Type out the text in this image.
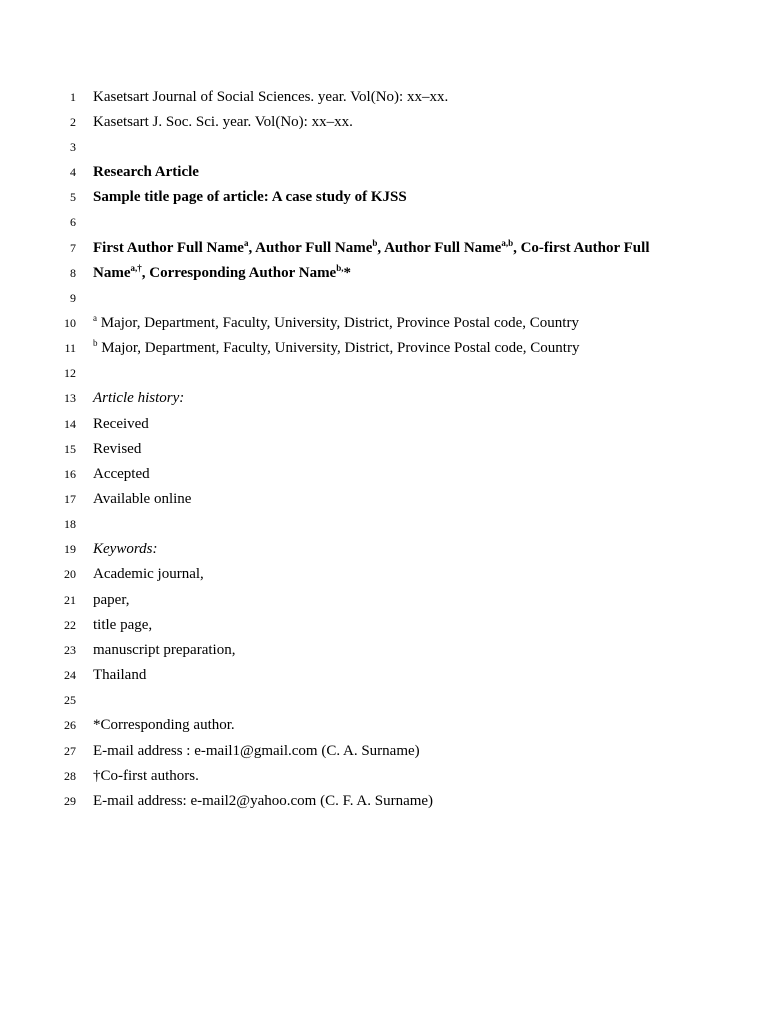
1 Kasetsart Journal of Social Sciences. year. Vol(No): xx–xx.
2 Kasetsart J. Soc. Sci. year. Vol(No): xx–xx.
3
4 Research Article
5 Sample title page of article: A case study of KJSS
6
7 First Author Full Name$^a$, Author Full Name$^b$, Author Full Name$^{a,b}$, Co-first Author Full
8 Name$^{a,\dagger}$, Corresponding Author Name$^{b,}$*
9
10 $^a$ Major, Department, Faculty, University, District, Province Postal code, Country
11 $^b$ Major, Department, Faculty, University, District, Province Postal code, Country
12
13 Article history:
14 Received
15 Revised
16 Accepted
17 Available online
18
19 Keywords:
20 Academic journal,
21 paper,
22 title page,
23 manuscript preparation,
24 Thailand
25
26 *Corresponding author.
27 E-mail address : e-mail1@gmail.com (C. A. Surname)
28 †Co-first authors.
29 E-mail address: e-mail2@yahoo.com (C. F. A. Surname)
